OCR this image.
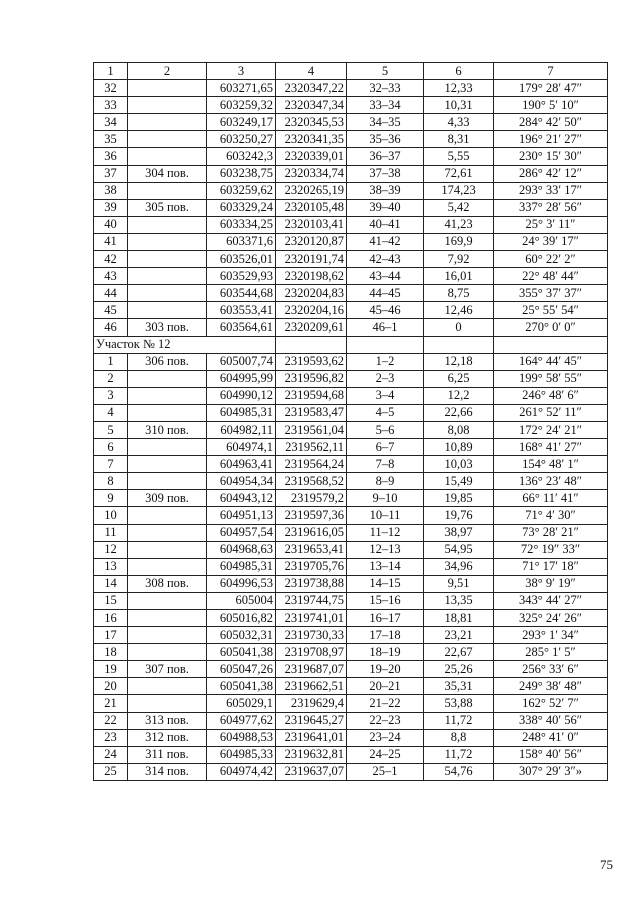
1	2	3	4	5	6	7
32		603271,65	2320347,22	32–33	12,33	179° 28′ 47″
33		603259,32	2320347,34	33–34	10,31	190° 5′ 10″
34		603249,17	2320345,53	34–35	4,33	284° 42′ 50″
35		603250,27	2320341,35	35–36	8,31	196° 21′ 27″
36		603242,3	2320339,01	36–37	5,55	230° 15′ 30″
37	304 пов.	603238,75	2320334,74	37–38	72,61	286° 42′ 12″
38		603259,62	2320265,19	38–39	174,23	293° 33′ 17″
39	305 пов.	603329,24	2320105,48	39–40	5,42	337° 28′ 56″
40		603334,25	2320103,41	40–41	41,23	25° 3′ 11″
41		603371,6	2320120,87	41–42	169,9	24° 39′ 17″
42		603526,01	2320191,74	42–43	7,92	60° 22′ 2″
43		603529,93	2320198,62	43–44	16,01	22° 48′ 44″
44		603544,68	2320204,83	44–45	8,75	355° 37′ 37″
45		603553,41	2320204,16	45–46	12,46	25° 55′ 54″
46	303 пов.	603564,61	2320209,61	46–1	0	270° 0′ 0″
Участок № 12						
1	306 пов.	605007,74	2319593,62	1–2	12,18	164° 44′ 45″
2		604995,99	2319596,82	2–3	6,25	199° 58′ 55″
3		604990,12	2319594,68	3–4	12,2	246° 48′ 6″
4		604985,31	2319583,47	4–5	22,66	261° 52′ 11″
5	310 пов.	604982,11	2319561,04	5–6	8,08	172° 24′ 21″
6		604974,1	2319562,11	6–7	10,89	168° 41′ 27″
7		604963,41	2319564,24	7–8	10,03	154° 48′ 1″
8		604954,34	2319568,52	8–9	15,49	136° 23′ 48″
9	309 пов.	604943,12	2319579,2	9–10	19,85	66° 11′ 41″
10		604951,13	2319597,36	10–11	19,76	71° 4′ 30″
11		604957,54	2319616,05	11–12	38,97	73° 28′ 21″
12		604968,63	2319653,41	12–13	54,95	72° 19″ 33″
13		604985,31	2319705,76	13–14	34,96	71° 17′ 18″
14	308 пов.	604996,53	2319738,88	14–15	9,51	38° 9′ 19″
15		605004	2319744,75	15–16	13,35	343° 44′ 27″
16		605016,82	2319741,01	16–17	18,81	325° 24′ 26″
17		605032,31	2319730,33	17–18	23,21	293° 1′ 34″
18		605041,38	2319708,97	18–19	22,67	285° 1′ 5″
19	307 пов.	605047,26	2319687,07	19–20	25,26	256° 33′ 6″
20		605041,38	2319662,51	20–21	35,31	249° 38′ 48″
21		605029,1	2319629,4	21–22	53,88	162° 52′ 7″
22	313 пов.	604977,62	2319645,27	22–23	11,72	338° 40′ 56″
23	312 пов.	604988,53	2319641,01	23–24	8,8	248° 41′ 0″
24	311 пов.	604985,33	2319632,81	24–25	11,72	158° 40′ 56″
25	314 пов.	604974,42	2319637,07	25–1	54,76	307° 29′ 3″»
75
